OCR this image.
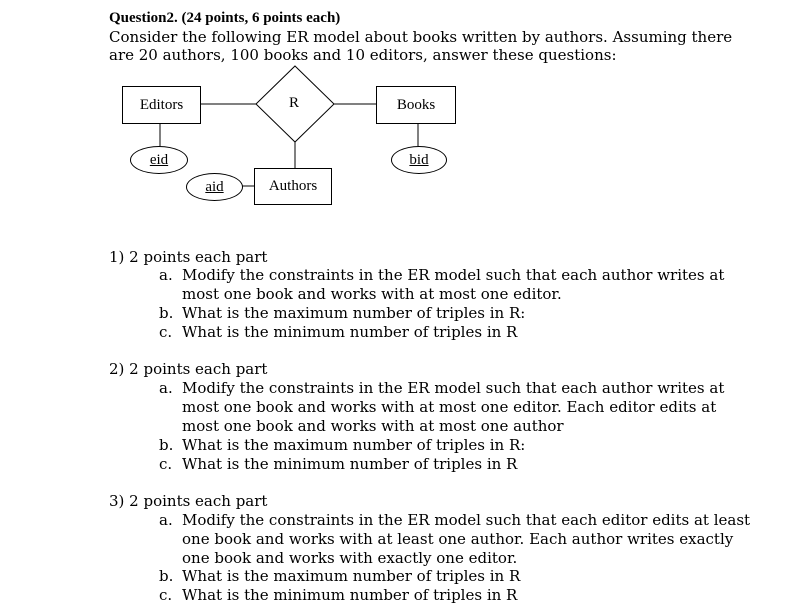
Question2. (24 points, 6 points each)
Consider the following ER model about books written by authors. Assuming there
are 20 authors, 100 books and 10 editors, answer these questions:
Editors	R	Books
eid	bid
aid	Authors
1) 2 points each part
a. Modify the constraints in the ER model such that each author writes at
most one book and works with at most one editor.
b. What is the maximum number of triples in R:
c. What is the minimum number of triples in R
2) 2 points each part
a. Modify the constraints in the ER model such that each author writes at
most one book and works with at most one editor. Each editor edits at
most one book and works with at most one author
b. What is the maximum number of triples in R:
c. What is the minimum number of triples in R
3) 2 points each part
a. Modify the constraints in the ER model such that each editor edits at least
one book and works with at least one author. Each author writes exactly
one book and works with exactly one editor.
b. What is the maximum number of triples in R
c. What is the minimum number of triples in R
